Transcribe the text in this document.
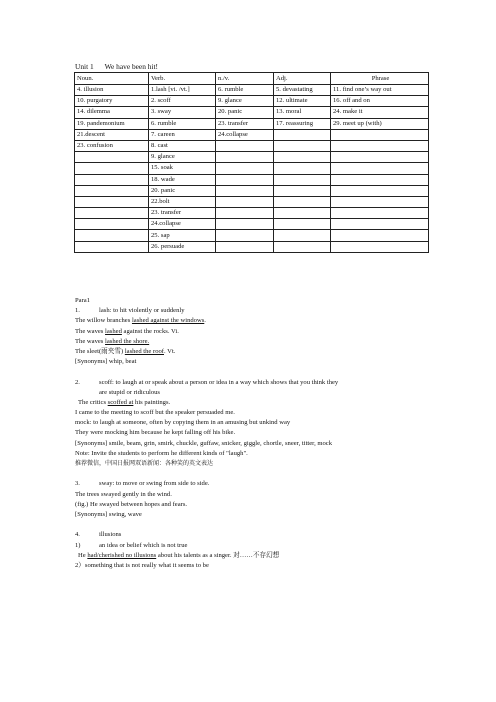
Unit 1      We have been hit!
Noun.	Verb.	n./v.	Adj.	Phrase
4. illusion	1.lash [vi. /vt.]	6. rumble	5. devastating	11. find one’s way out
10. purgatory	2. scoff	9. glance	12. ultimate	16. off and on
14. dilemma	3. sway	20. panic	13. moral	24. make it
19. pandemonium	6. rumble	23. transfer	17. reassuring	29. meet up (with)
21.descent	7. careen	24.collapse		
23. confusion	8. cast			
	9. glance			
	15. soak			
	18. wade			
	20. panic			
	22.bolt			
	23. transfer			
	24.collapse			
	25. sap			
	26. persuade			
Para1
1.	lash: to hit violently or suddenly
The willow branches lashed against the windows.
The waves lashed against the rocks. Vi.
The waves lashed the shore.
The sleet(雨夹雪) lashed the roof. Vt.
[Synonyms] whip, beat
2.	scoff: to laugh at or speak about a person or idea in a way which shows that you think they
are stupid or ridiculous
The critics scoffed at his paintings.
I came to the meeting to scoff but the speaker persuaded me.
mock: to laugh at someone, often by copying them in an amusing but unkind way
They were mocking him because he kept falling off his bike.
[Synonyms] smile, beam, grin, smirk, chuckle, guffaw, snicker, giggle, chortle, sneer, titter, mock
Note: Invite the students to perform he different kinds of "laugh".
推荐微信，中国日报网双语新闻：各种笑的英文表达
3.	sway: to move or swing from side to side.
The trees swayed gently in the wind.
(fig.) He swayed between hopes and fears.
[Synonyms] swing, wave
4.	illusions
1)	an idea or belief which is not true
He had/cherished no illusions about his talents as a singer. 对……不存幻想
2）something that is not really what it seems to be
